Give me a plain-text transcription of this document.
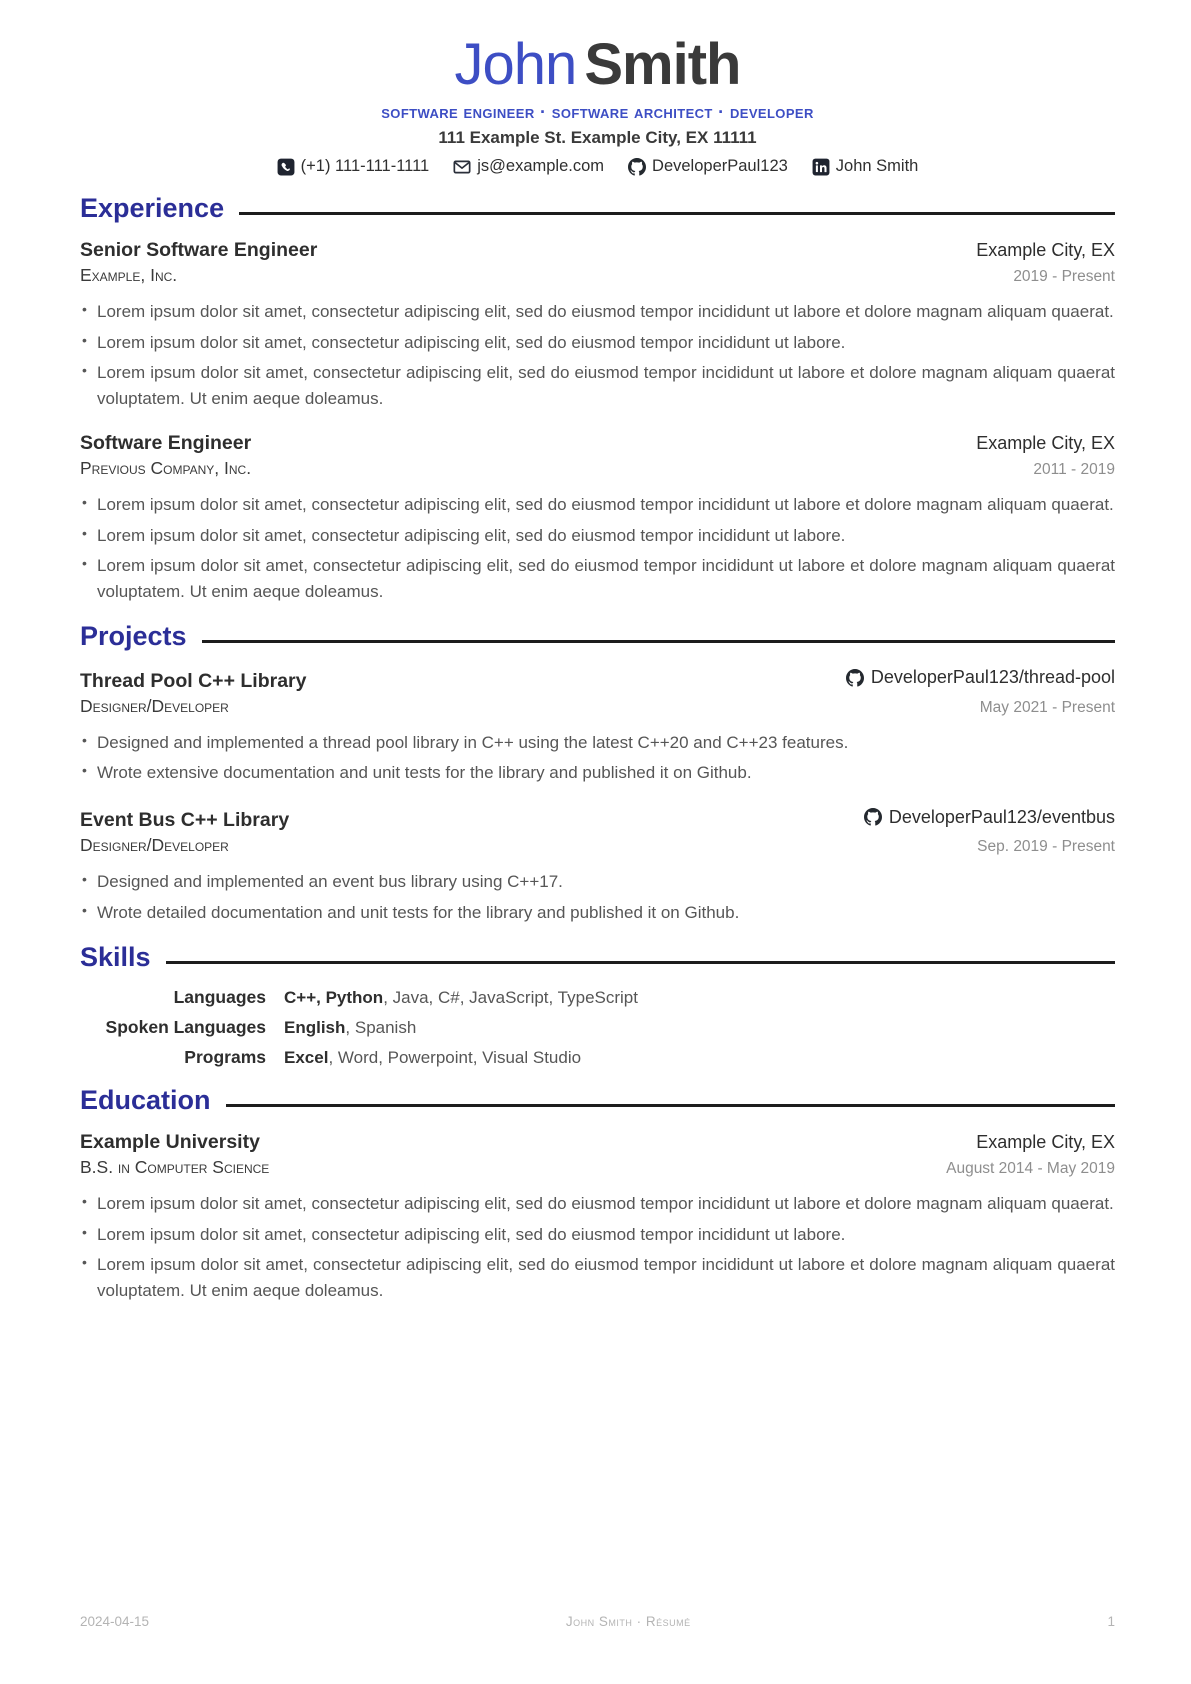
John Smith
software engineer · software architect · developer
111 Example St. Example City, EX 11111
(+1) 111-111-1111	js@example.com	DeveloperPaul123	John Smith
Experience
Senior Software Engineer	Example City, EX
Example, Inc.	2019 - Present
• Lorem ipsum dolor sit amet, consectetur adipiscing elit, sed do eiusmod tempor incididunt ut labore et dolore magnam aliquam quaerat.
• Lorem ipsum dolor sit amet, consectetur adipiscing elit, sed do eiusmod tempor incididunt ut labore.
• Lorem ipsum dolor sit amet, consectetur adipiscing elit, sed do eiusmod tempor incididunt ut labore et dolore magnam aliquam quaerat voluptatem. Ut enim aeque doleamus.
Software Engineer	Example City, EX
Previous Company, Inc.	2011 - 2019
• Lorem ipsum dolor sit amet, consectetur adipiscing elit, sed do eiusmod tempor incididunt ut labore et dolore magnam aliquam quaerat.
• Lorem ipsum dolor sit amet, consectetur adipiscing elit, sed do eiusmod tempor incididunt ut labore.
• Lorem ipsum dolor sit amet, consectetur adipiscing elit, sed do eiusmod tempor incididunt ut labore et dolore magnam aliquam quaerat voluptatem. Ut enim aeque doleamus.
Projects
Thread Pool C++ Library	DeveloperPaul123/thread-pool
Designer/Developer	May 2021 - Present
• Designed and implemented a thread pool library in C++ using the latest C++20 and C++23 features.
• Wrote extensive documentation and unit tests for the library and published it on Github.
Event Bus C++ Library	DeveloperPaul123/eventbus
Designer/Developer	Sep. 2019 - Present
• Designed and implemented an event bus library using C++17.
• Wrote detailed documentation and unit tests for the library and published it on Github.
Skills
Languages	C++, Python, Java, C#, JavaScript, TypeScript
Spoken Languages	English, Spanish
Programs	Excel, Word, Powerpoint, Visual Studio
Education
Example University	Example City, EX
B.S. in Computer Science	August 2014 - May 2019
• Lorem ipsum dolor sit amet, consectetur adipiscing elit, sed do eiusmod tempor incididunt ut labore et dolore magnam aliquam quaerat.
• Lorem ipsum dolor sit amet, consectetur adipiscing elit, sed do eiusmod tempor incididunt ut labore.
• Lorem ipsum dolor sit amet, consectetur adipiscing elit, sed do eiusmod tempor incididunt ut labore et dolore magnam aliquam quaerat voluptatem. Ut enim aeque doleamus.
2024-04-15	John Smith · Résumé	1
